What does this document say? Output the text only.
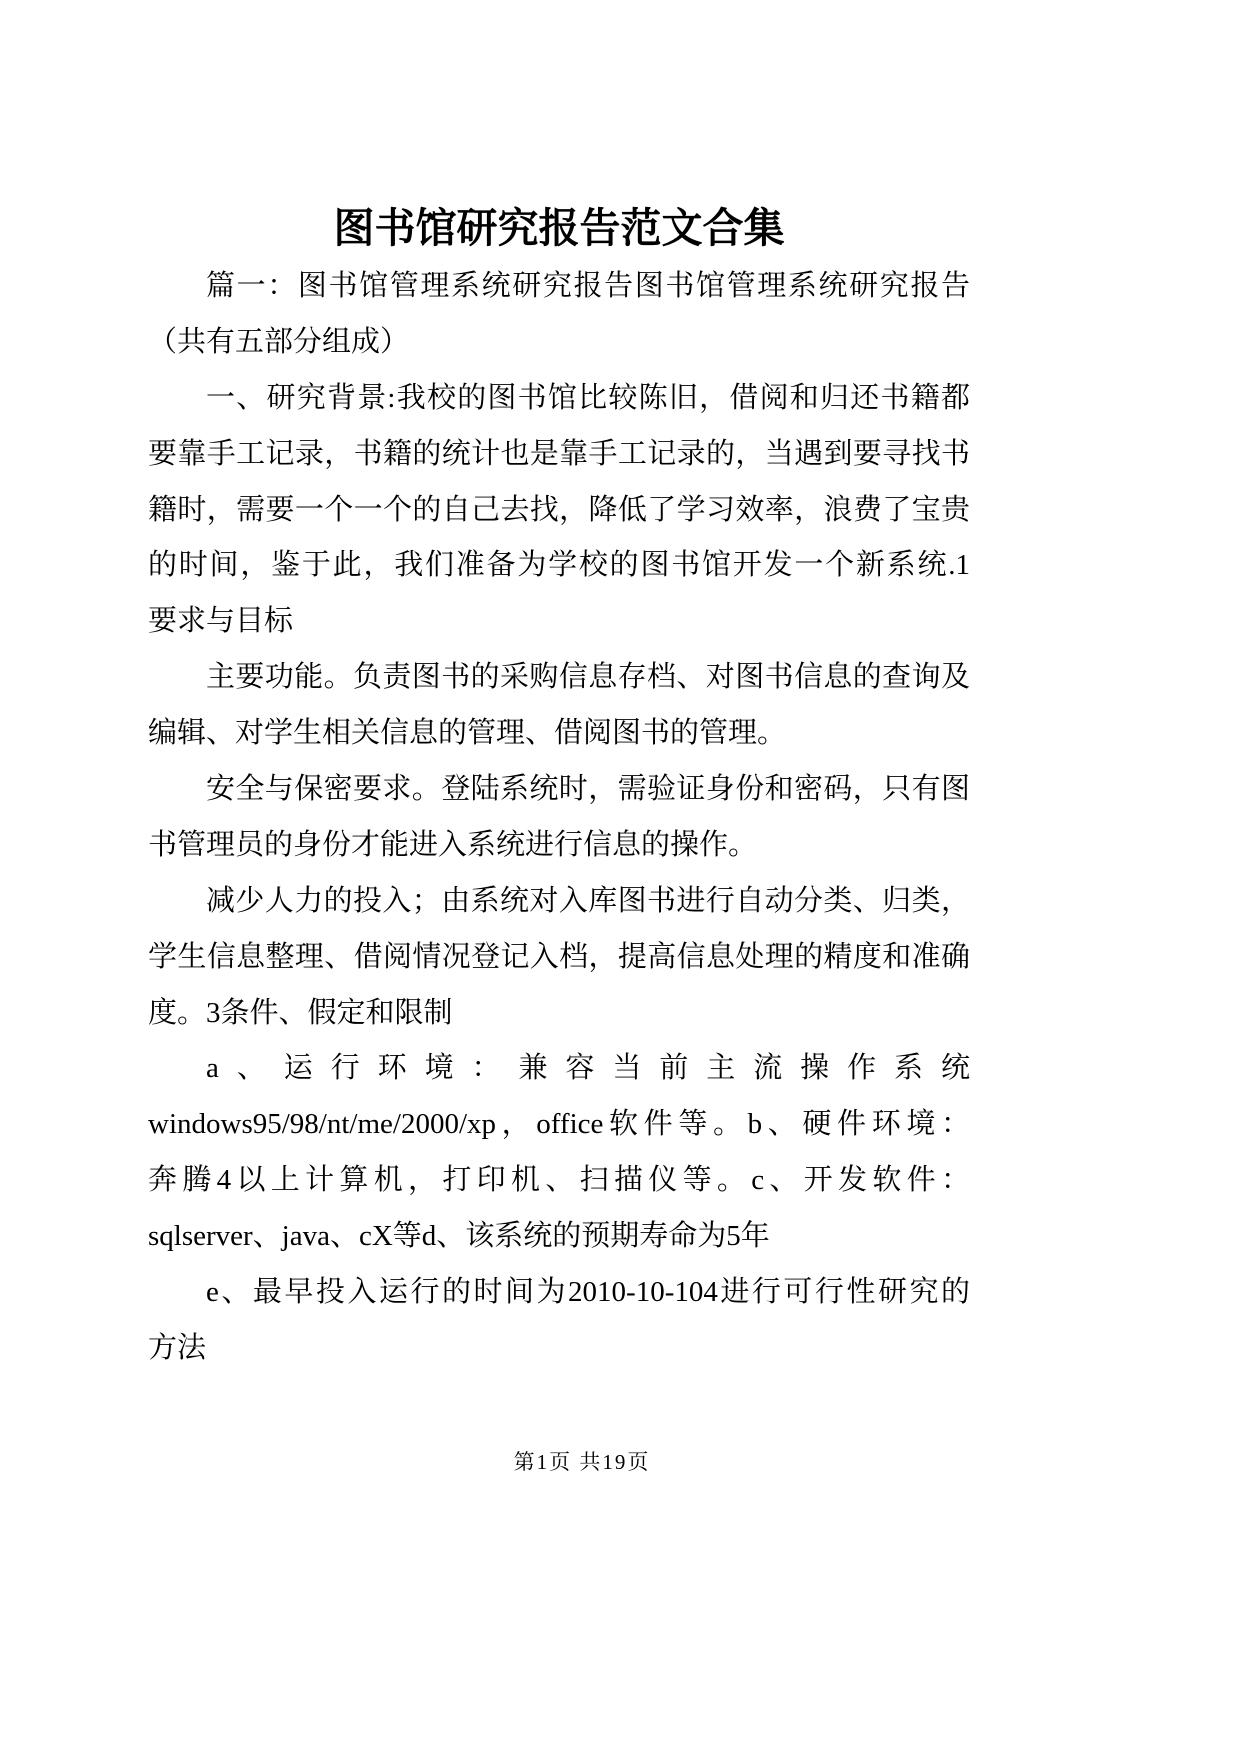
图书馆研究报告范文合集
篇一：图书馆管理系统研究报告图书馆管理系统研究报告
（共有五部分组成）
一、研究背景:我校的图书馆比较陈旧，借阅和归还书籍都
要靠手工记录，书籍的统计也是靠手工记录的，当遇到要寻找书
籍时，需要一个一个的自己去找，降低了学习效率，浪费了宝贵
的时间，鉴于此，我们准备为学校的图书馆开发一个新系统.1
要求与目标
主要功能。负责图书的采购信息存档、对图书信息的查询及
编辑、对学生相关信息的管理、借阅图书的管理。
安全与保密要求。登陆系统时，需验证身份和密码，只有图
书管理员的身份才能进入系统进行信息的操作。
减少人力的投入；由系统对入库图书进行自动分类、归类，
学生信息整理、借阅情况登记入档，提高信息处理的精度和准确
度。3条件、假定和限制
a、运行环境：兼容当前主流操作系统
windows95/98/nt/me/2000/xp，office软件等。b、硬件环境：
奔腾4以上计算机，打印机、扫描仪等。c、开发软件：
sqlserver、java、cX等d、该系统的预期寿命为5年
e、最早投入运行的时间为2010-10-104进行可行性研究的
方法
第1页 共19页
